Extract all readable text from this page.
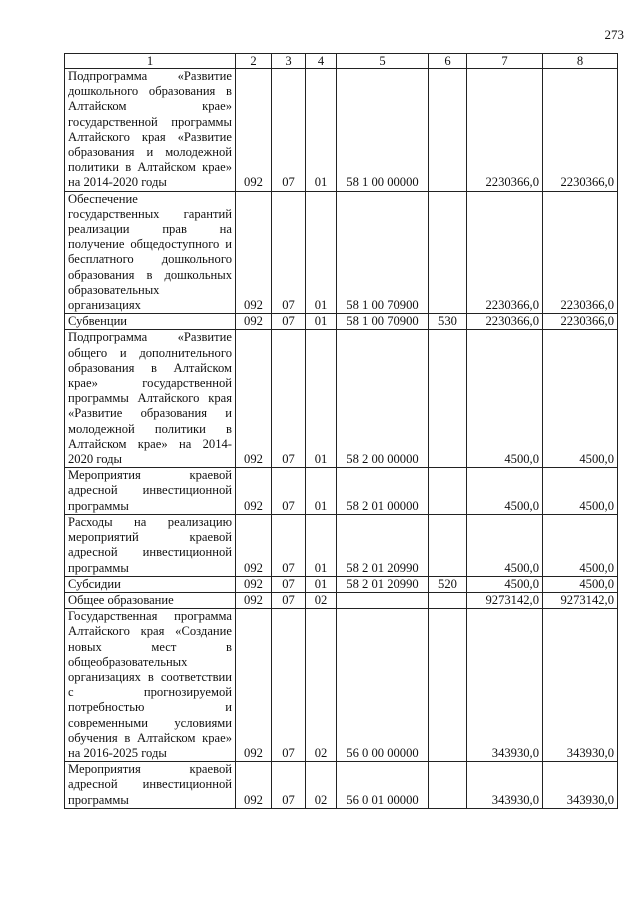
273
1	2	3	4	5	6	7	8
Подпрограмма «Развитие дошкольного образования в Алтайском крае» государственной программы Алтайского края «Развитие образования и молодежной политики в Алтайском крае» на 2014-2020 годы	092	07	01	58 1 00 00000		2230366,0	2230366,0
Обеспечение государственных гарантий реализации прав на получение общедоступного и бесплатного дошкольного образования в дошкольных образовательных организациях	092	07	01	58 1 00 70900		2230366,0	2230366,0
Субвенции	092	07	01	58 1 00 70900	530	2230366,0	2230366,0
Подпрограмма «Развитие общего и дополнительного образования в Алтайском крае» государственной программы Алтайского края «Развитие образования и молодежной политики в Алтайском крае» на 2014-2020 годы	092	07	01	58 2 00 00000		4500,0	4500,0
Мероприятия краевой адресной инвестиционной программы	092	07	01	58 2 01 00000		4500,0	4500,0
Расходы на реализацию мероприятий краевой адресной инвестиционной программы	092	07	01	58 2 01 20990		4500,0	4500,0
Субсидии	092	07	01	58 2 01 20990	520	4500,0	4500,0
Общее образование	092	07	02			9273142,0	9273142,0
Государственная программа Алтайского края «Создание новых мест в общеобразовательных организациях в соответствии с прогнозируемой потребностью и современными условиями обучения в Алтайском крае» на 2016-2025 годы	092	07	02	56 0 00 00000		343930,0	343930,0
Мероприятия краевой адресной инвестиционной программы	092	07	02	56 0 01 00000		343930,0	343930,0
